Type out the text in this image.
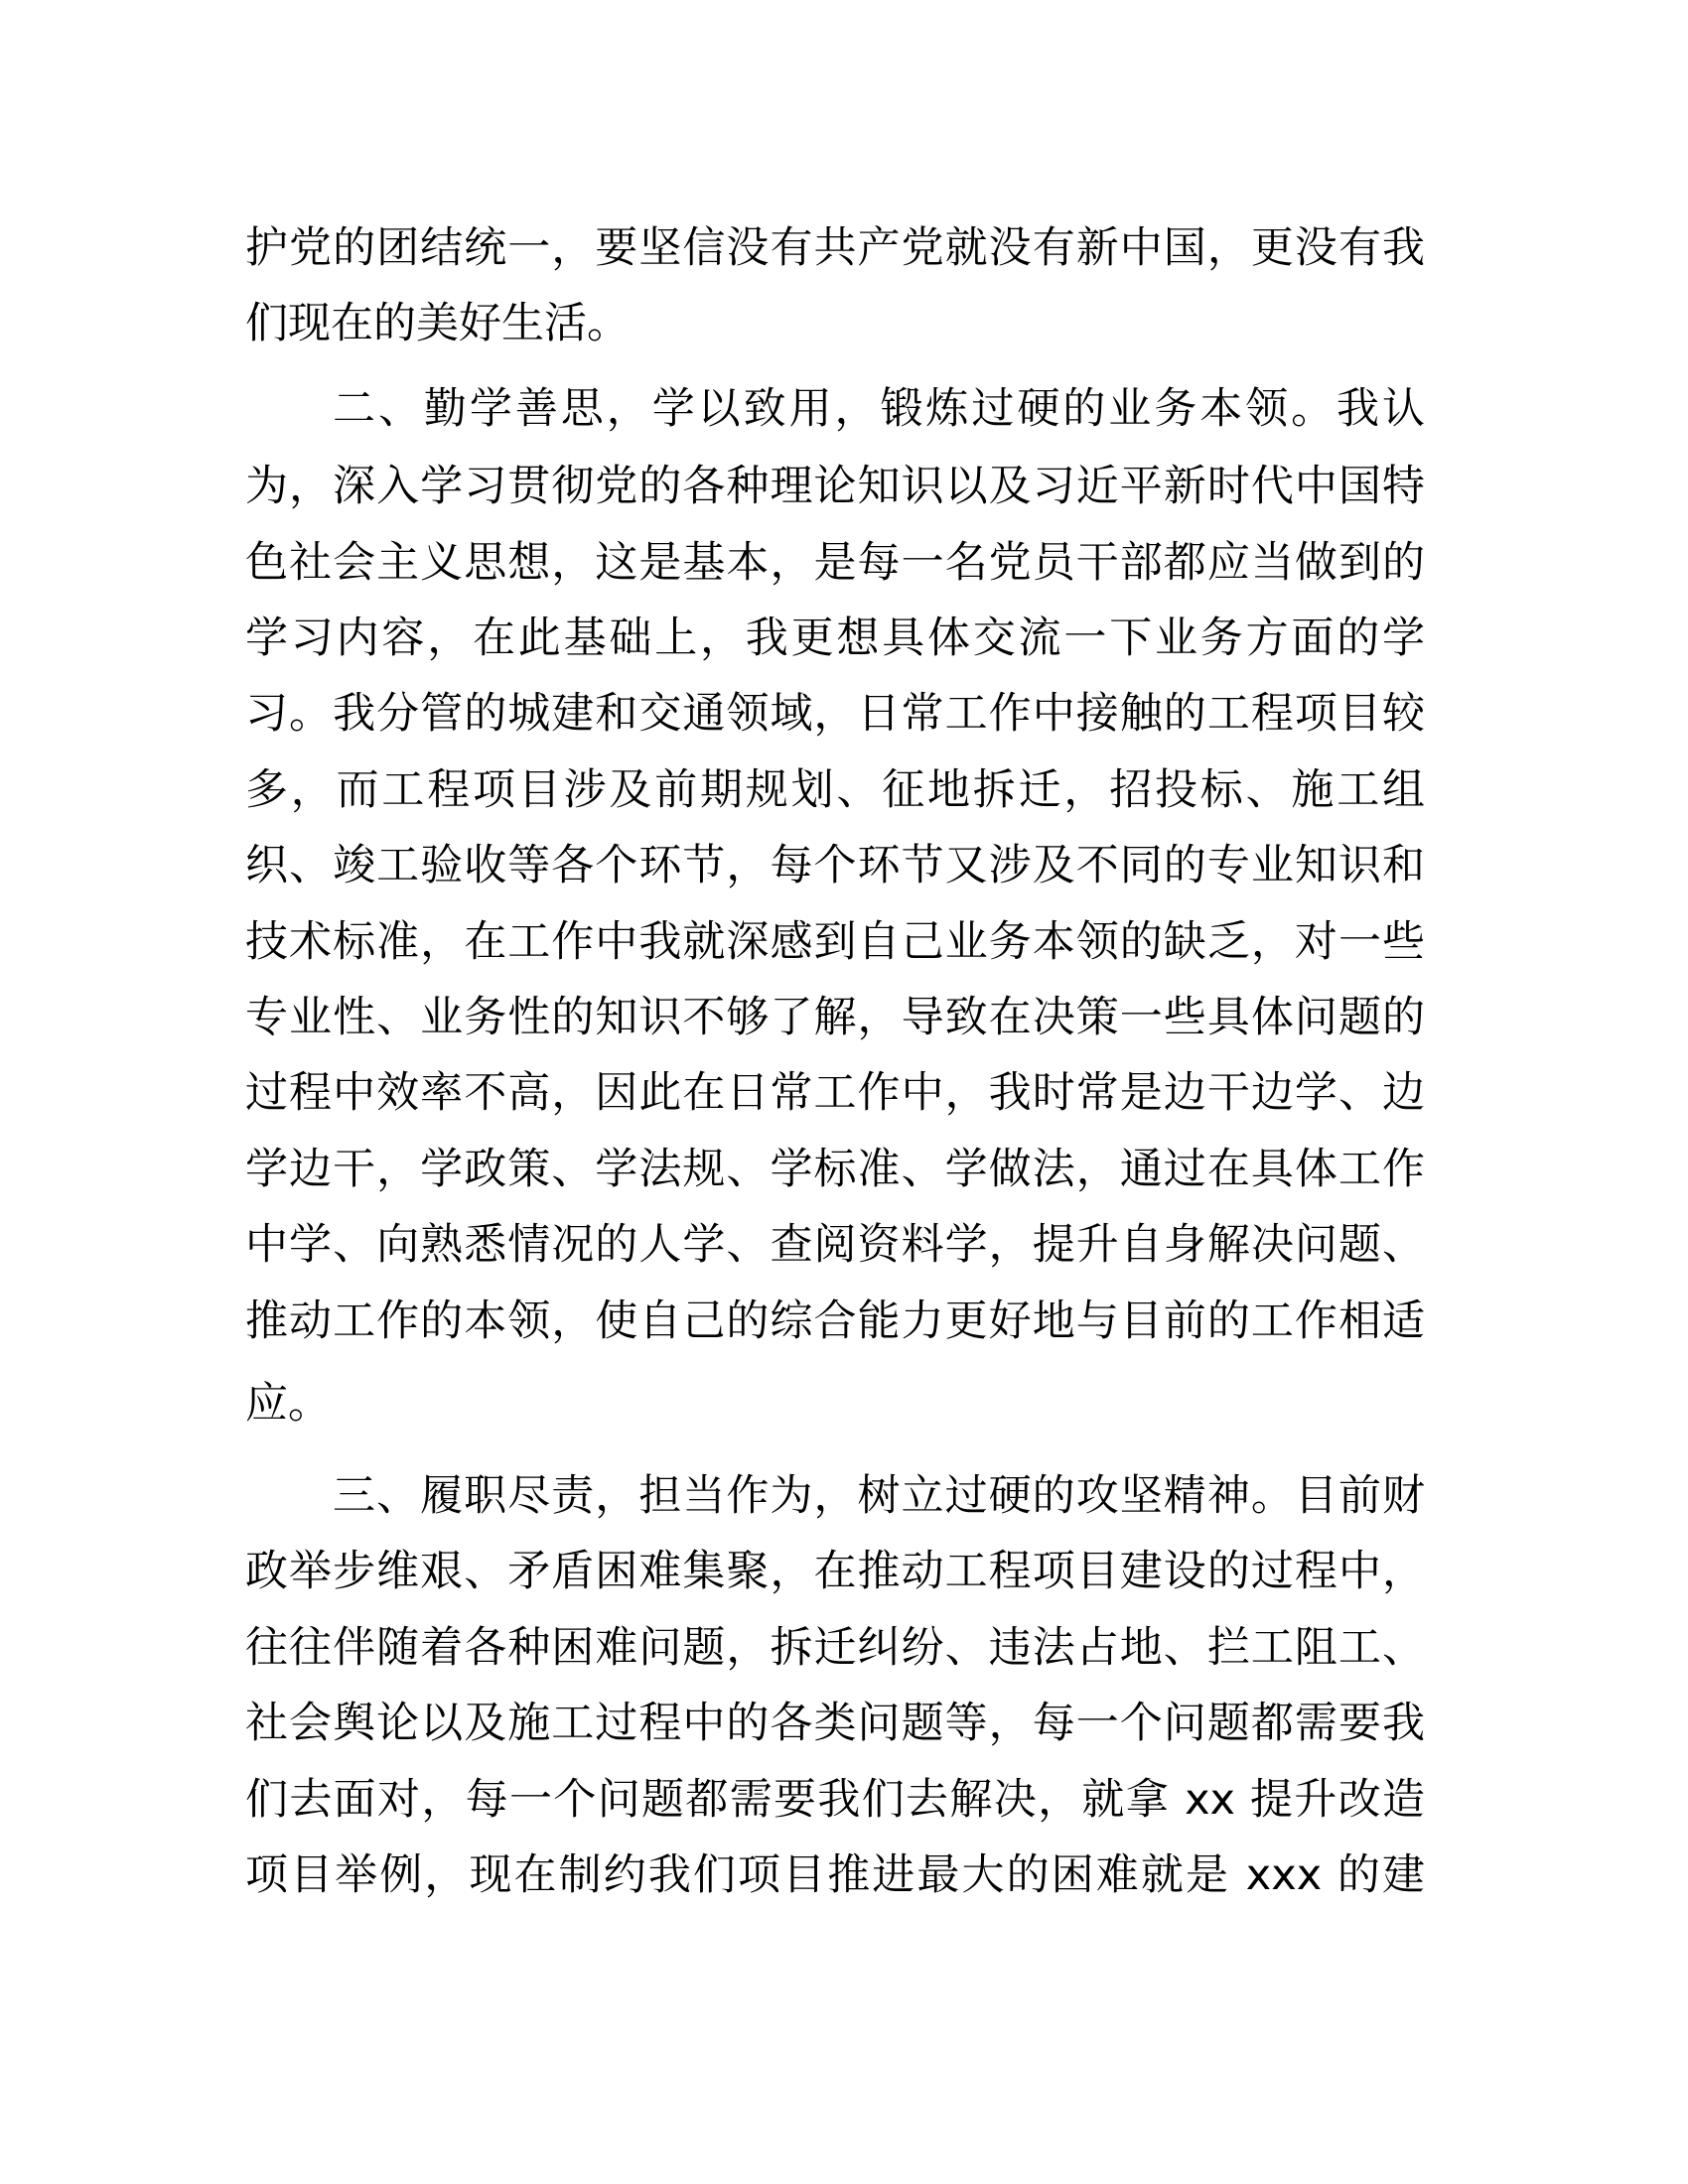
护党的团结统一，要坚信没有共产党就没有新中国，更没有我
们现在的美好生活。
二、勤学善思，学以致用，锻炼过硬的业务本领。我认
为，深入学习贯彻党的各种理论知识以及习近平新时代中国特
色社会主义思想，这是基本，是每一名党员干部都应当做到的
学习内容，在此基础上，我更想具体交流一下业务方面的学
习。我分管的城建和交通领域，日常工作中接触的工程项目较
多，而工程项目涉及前期规划、征地拆迁，招投标、施工组
织、竣工验收等各个环节，每个环节又涉及不同的专业知识和
技术标准，在工作中我就深感到自己业务本领的缺乏，对一些
专业性、业务性的知识不够了解，导致在决策一些具体问题的
过程中效率不高，因此在日常工作中，我时常是边干边学、边
学边干，学政策、学法规、学标准、学做法，通过在具体工作
中学、向熟悉情况的人学、查阅资料学，提升自身解决问题、
推动工作的本领，使自己的综合能力更好地与目前的工作相适
应。
三、履职尽责，担当作为，树立过硬的攻坚精神。目前财
政举步维艰、矛盾困难集聚，在推动工程项目建设的过程中，
往往伴随着各种困难问题，拆迁纠纷、违法占地、拦工阻工、
社会舆论以及施工过程中的各类问题等，每一个问题都需要我
们去面对，每一个问题都需要我们去解决，就拿 xx 提升改造
项目举例，现在制约我们项目推进最大的困难就是 xxx 的建
